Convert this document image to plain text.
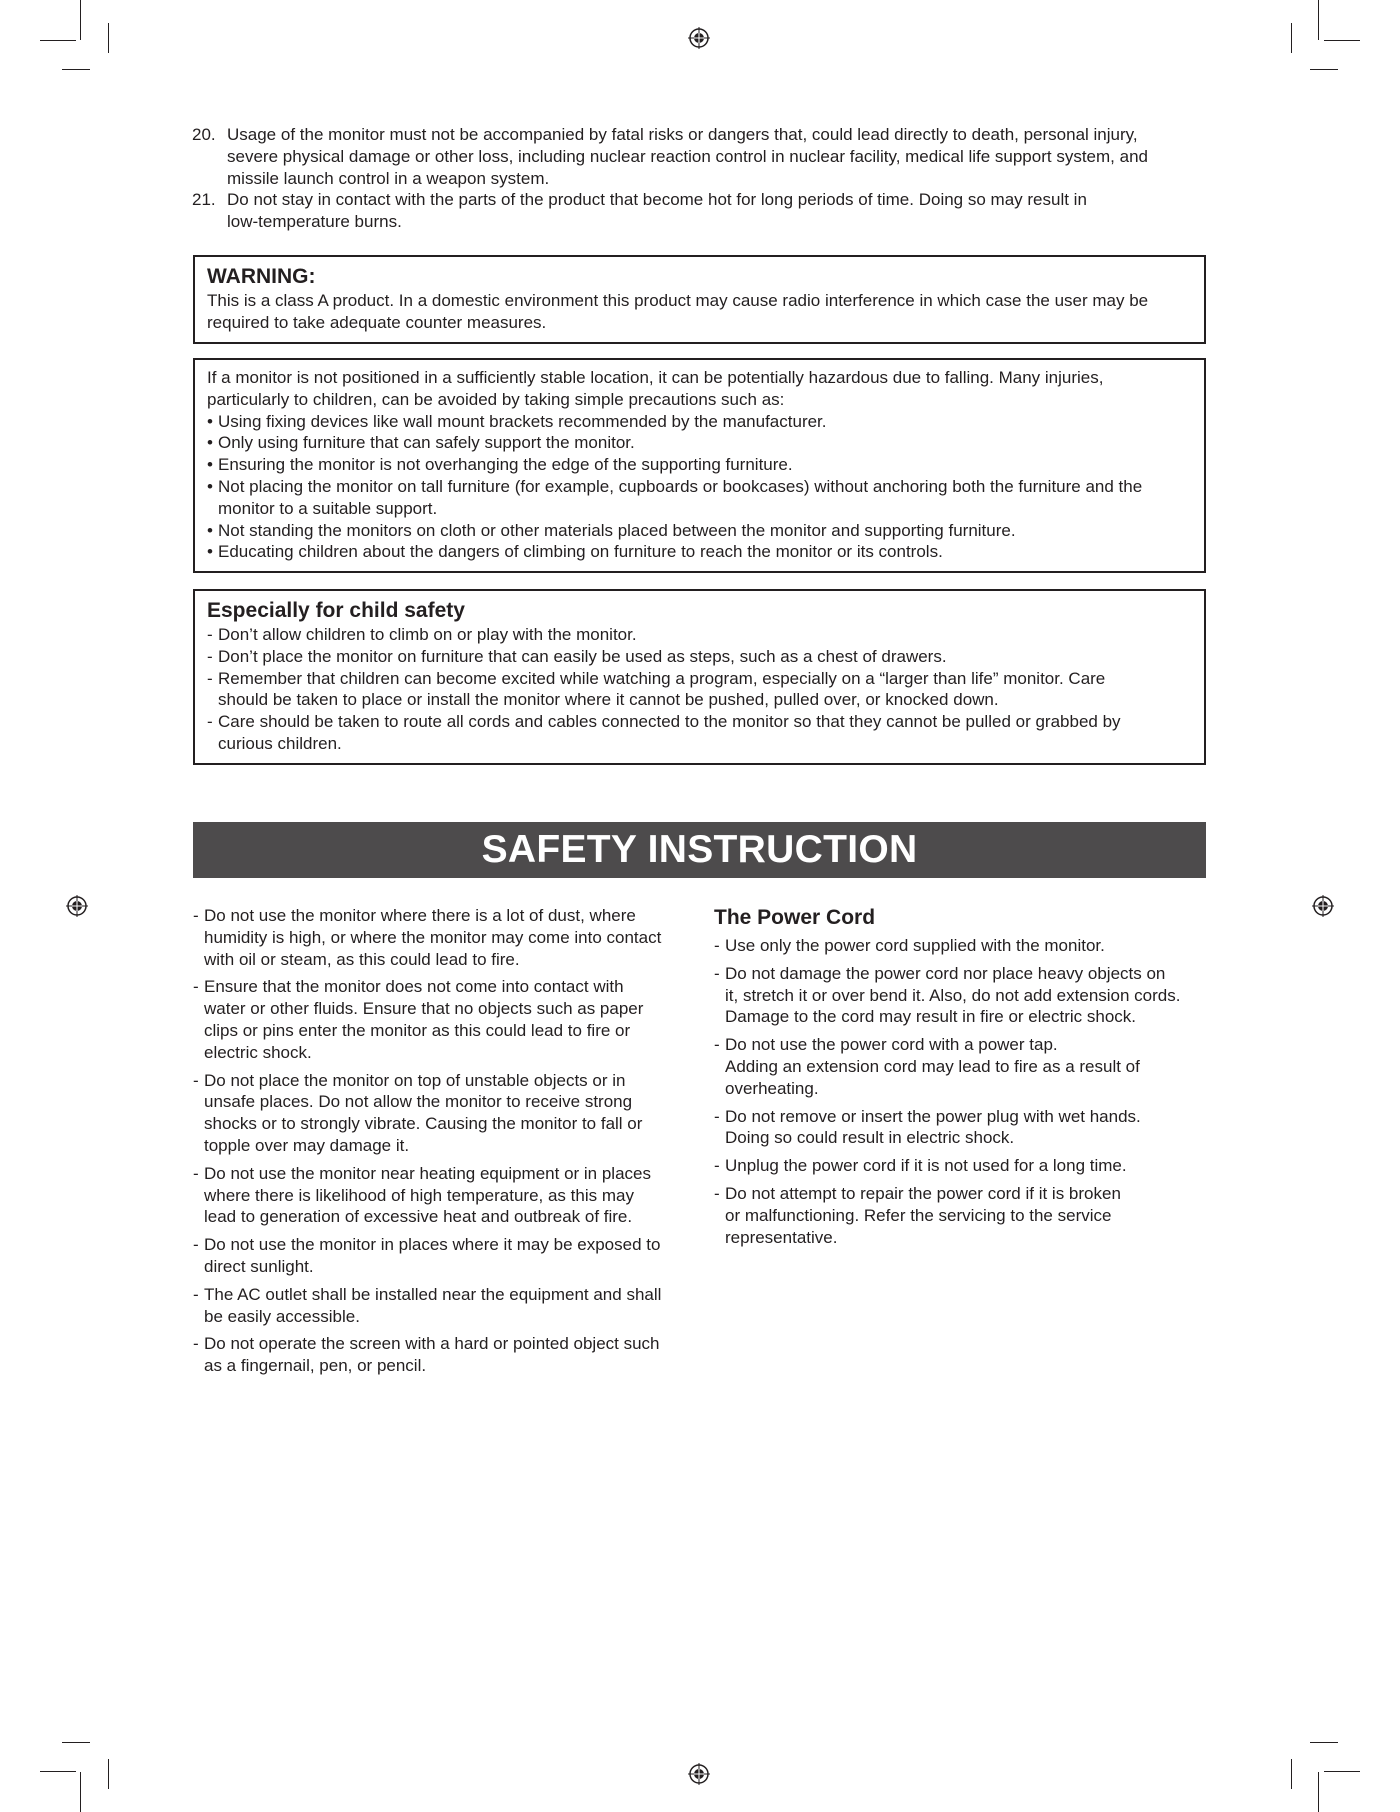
20. Usage of the monitor must not be accompanied by fatal risks or dangers that, could lead directly to death, personal injury,
severe physical damage or other loss, including nuclear reaction control in nuclear facility, medical life support system, and
missile launch control in a weapon system.
21. Do not stay in contact with the parts of the product that become hot for long periods of time. Doing so may result in
low-temperature burns.
WARNING:
This is a class A product. In a domestic environment this product may cause radio interference in which case the user may be
required to take adequate counter measures.
If a monitor is not positioned in a sufficiently stable location, it can be potentially hazardous due to falling. Many injuries,
particularly to children, can be avoided by taking simple precautions such as:
• Using fixing devices like wall mount brackets recommended by the manufacturer.
• Only using furniture that can safely support the monitor.
• Ensuring the monitor is not overhanging the edge of the supporting furniture.
• Not placing the monitor on tall furniture (for example, cupboards or bookcases) without anchoring both the furniture and the
monitor to a suitable support.
• Not standing the monitors on cloth or other materials placed between the monitor and supporting furniture.
• Educating children about the dangers of climbing on furniture to reach the monitor or its controls.
Especially for child safety
- Don’t allow children to climb on or play with the monitor.
- Don’t place the monitor on furniture that can easily be used as steps, such as a chest of drawers.
- Remember that children can become excited while watching a program, especially on a “larger than life” monitor. Care
should be taken to place or install the monitor where it cannot be pushed, pulled over, or knocked down.
- Care should be taken to route all cords and cables connected to the monitor so that they cannot be pulled or grabbed by
curious children.
SAFETY INSTRUCTION
- Do not use the monitor where there is a lot of dust, where
humidity is high, or where the monitor may come into contact
with oil or steam, as this could lead to fire.
- Ensure that the monitor does not come into contact with
water or other fluids. Ensure that no objects such as paper
clips or pins enter the monitor as this could lead to fire or
electric shock.
- Do not place the monitor on top of unstable objects or in
unsafe places. Do not allow the monitor to receive strong
shocks or to strongly vibrate. Causing the monitor to fall or
topple over may damage it.
- Do not use the monitor near heating equipment or in places
where there is likelihood of high temperature, as this may
lead to generation of excessive heat and outbreak of fire.
- Do not use the monitor in places where it may be exposed to
direct sunlight.
- The AC outlet shall be installed near the equipment and shall
be easily accessible.
- Do not operate the screen with a hard or pointed object such
as a fingernail, pen, or pencil.
The Power Cord
- Use only the power cord supplied with the monitor.
- Do not damage the power cord nor place heavy objects on
it, stretch it or over bend it. Also, do not add extension cords.
Damage to the cord may result in fire or electric shock.
- Do not use the power cord with a power tap.
Adding an extension cord may lead to fire as a result of
overheating.
- Do not remove or insert the power plug with wet hands.
Doing so could result in electric shock.
- Unplug the power cord if it is not used for a long time.
- Do not attempt to repair the power cord if it is broken
or malfunctioning. Refer the servicing to the service
representative.
